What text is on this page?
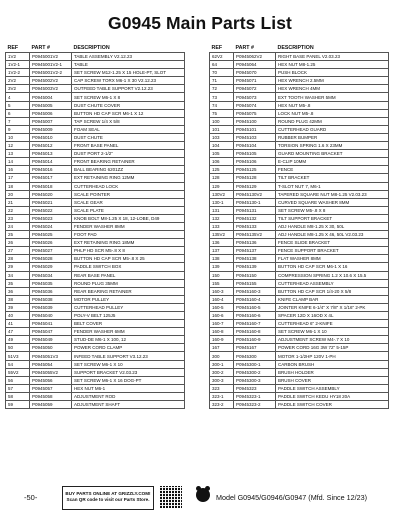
G0945 Main Parts List
REF	PART #	DESCRIPTION
1V2	P0945001V2	TABLE ASSEMBLY V2.12.23
1V2-1	P0945001V2-1	TABLE
1V2-2	P0945001V2-2	SET SCREW M12-1.25 X 15 HOLE-PT, SLOT
2V2	P0945002V2	CAP SCREW TORX M6-1 X 30 V2.12.23
3V2	P0945003V2	OUTFEED TABLE SUPPORT V2.12.23
4	P0945004	SET SCREW M6-1 X 8
5	P0945005	DUST CHUTE COVER
6	P0945006	BUTTON HD CAP SCR M6-1 X 12
7	P0945007	TAP SCREW 1/4 X 5/8
9	P0945009	FOAM SEAL
10	P0945010	DUST CHUTE
12	P0945012	FRONT BASE PANEL
13	P0945013	DUST PORT 2-1/2"
14	P0945014	FRONT BEARING RETAINER
16	P0945016	BALL BEARING 6201ZZ
17	P0945017	EXT RETAINING RING 12MM
18	P0945018	CUTTERHEAD LOCK
20	P0945020	SCALE POINTER
21	P0945021	SCALE GEAR
22	P0945022	SCALE PLATE
23	P0945023	KNOB BOLT M8-1.25 X 18, 12-LOBE, D49
24	P0945024	FENDER WASHER 8MM
25	P0945025	FOOT PAD
26	P0945026	EXT RETAINING RING 18MM
27	P0945027	PHLP HD SCR M5-.8 X 8
28	P0945028	BUTTON HD CAP SCR M5-.8 X 25
29	P0945029	PADDLE SWITCH BOX
34	P0945034	REAR BASE PANEL
35	P0945035	ROUND PLUG 35MM
36	P0945036	REAR BEARING RETAINER
38	P0945038	MOTOR PULLEY
39	P0945039	CUTTERHEAD PULLEY
40	P0945040	POLY-V BELT 125J5
41	P0945041	BELT COVER
47	P0945047	FENDER WASHER 6MM
49	P0945049	STUD-DE M6-1 X 100, 12
50	P0945050	POWER CORD CLAMP
51V3	P0945051V3	INFEED TABLE SUPPORT V3.12.23
54	P0945054	SET SCREW M6-1 X 10
55V2	P0945055V2	SUPPORT BRACKET V2.03.23
56	P0945056	SET SCREW M6-1 X 16 DOG-PT
57	P0945057	HEX NUT M6-1
58	P0945058	ADJUSTMENT ROD
59	P0945059	ADJUSTMENT SHAFT
REF	PART #	DESCRIPTION
62V2	P0945062V2	RIGHT BASE PANEL V2.03.23
64	P0945064	HEX NUT M8-1.25
70	P0945070	PUSH BLOCK
71	P0945071	HEX WRENCH 2.5MM
72	P0945072	HEX WRENCH 4MM
73	P0945073	EXT TOOTH WASHER 5MM
74	P0945074	HEX NUT M5-.8
75	P0945075	LOCK NUT M5-.8
100	P0945100	ROUND PLUG 42MM
101	P0945101	CUTTERHEAD GUARD
103	P0945103	RUBBER BUMPER
104	P0945104	TORSION SPRING 1.6 X 23MM
105	P0945105	GUARD MOUNTING BRACKET
106	P0945106	E-CLIP 10MM
125	P0945125	FENCE
128	P0945128	TILT BRACKET
129	P0945129	T-SLOT NUT 7, M6-1
130V2	P0945130V2	TAPERED SQUARE NUT M8-1.25 V2.03.23
130-1	P0945130-1	CURVED SQUARE WASHER 8MM
131	P0945131	SET SCREW M5-.8 X 8
132	P0945132	TILT SUPPORT BRACKET
133	P0945133	ADJ HANDLE M8-1.25 X 30, 50L
135V2	P0945135V2	ADJ HANDLE M8-1.25 X 46, 50L V2.03.23
136	P0945136	FENCE SLIDE BRACKET
137	P0945137	FENCE SUPPORT BRACKET
138	P0945138	FLAT WASHER 8MM
139	P0945139	BUTTON HD CAP SCR M6-1 X 16
150	P0945150	COMPRESSION SPRING 1.2 X 10.6 X 15.5
155	P0945155	CUTTERHEAD ASSEMBLY
160-3	P0945160-3	BUTTON HD CAP SCR 1/4-20 X 5/8
160-4	P0945160-4	KNIFE CLAMP BAR
160-5	P0945160-5	JOINTER KNIFE 6-1/4" X 7/8" X 1/16" 2-PK
160-6	P0945160-6	SPACER 12D X 16OD X 4L
160-7	P0945160-7	CUTTERHEAD 6" 2-KNIFE
160-8	P0945160-8	SET SCREW M6-1 X 10
160-9	P0945160-9	ADJUSTMENT SCREW M4-.7 X 10
167	P0945167	POWER CORD 16G 3W 72" 5-15P
300	P0945300	MOTOR 1-1/2HP 120V 1-PH
300-1	P0945300-1	CARBON BRUSH
300-2	P0945300-2	BRUSH HOLDER
300-3	P0945300-3	BRUSH COVER
323	P0945323	PADDLE SWITCH ASSEMBLY
323-1	P0945323-1	PADDLE SWITCH KEDU HY18 20A
323-2	P0945323-2	PADDLE SWITCH COVER
-50-	BUY PARTS ONLINE AT GRIZZLY.COM!
Scan QR code to visit our Parts Store.	Model G0945/G0946/G0947 (Mfd. Since 12/23)
